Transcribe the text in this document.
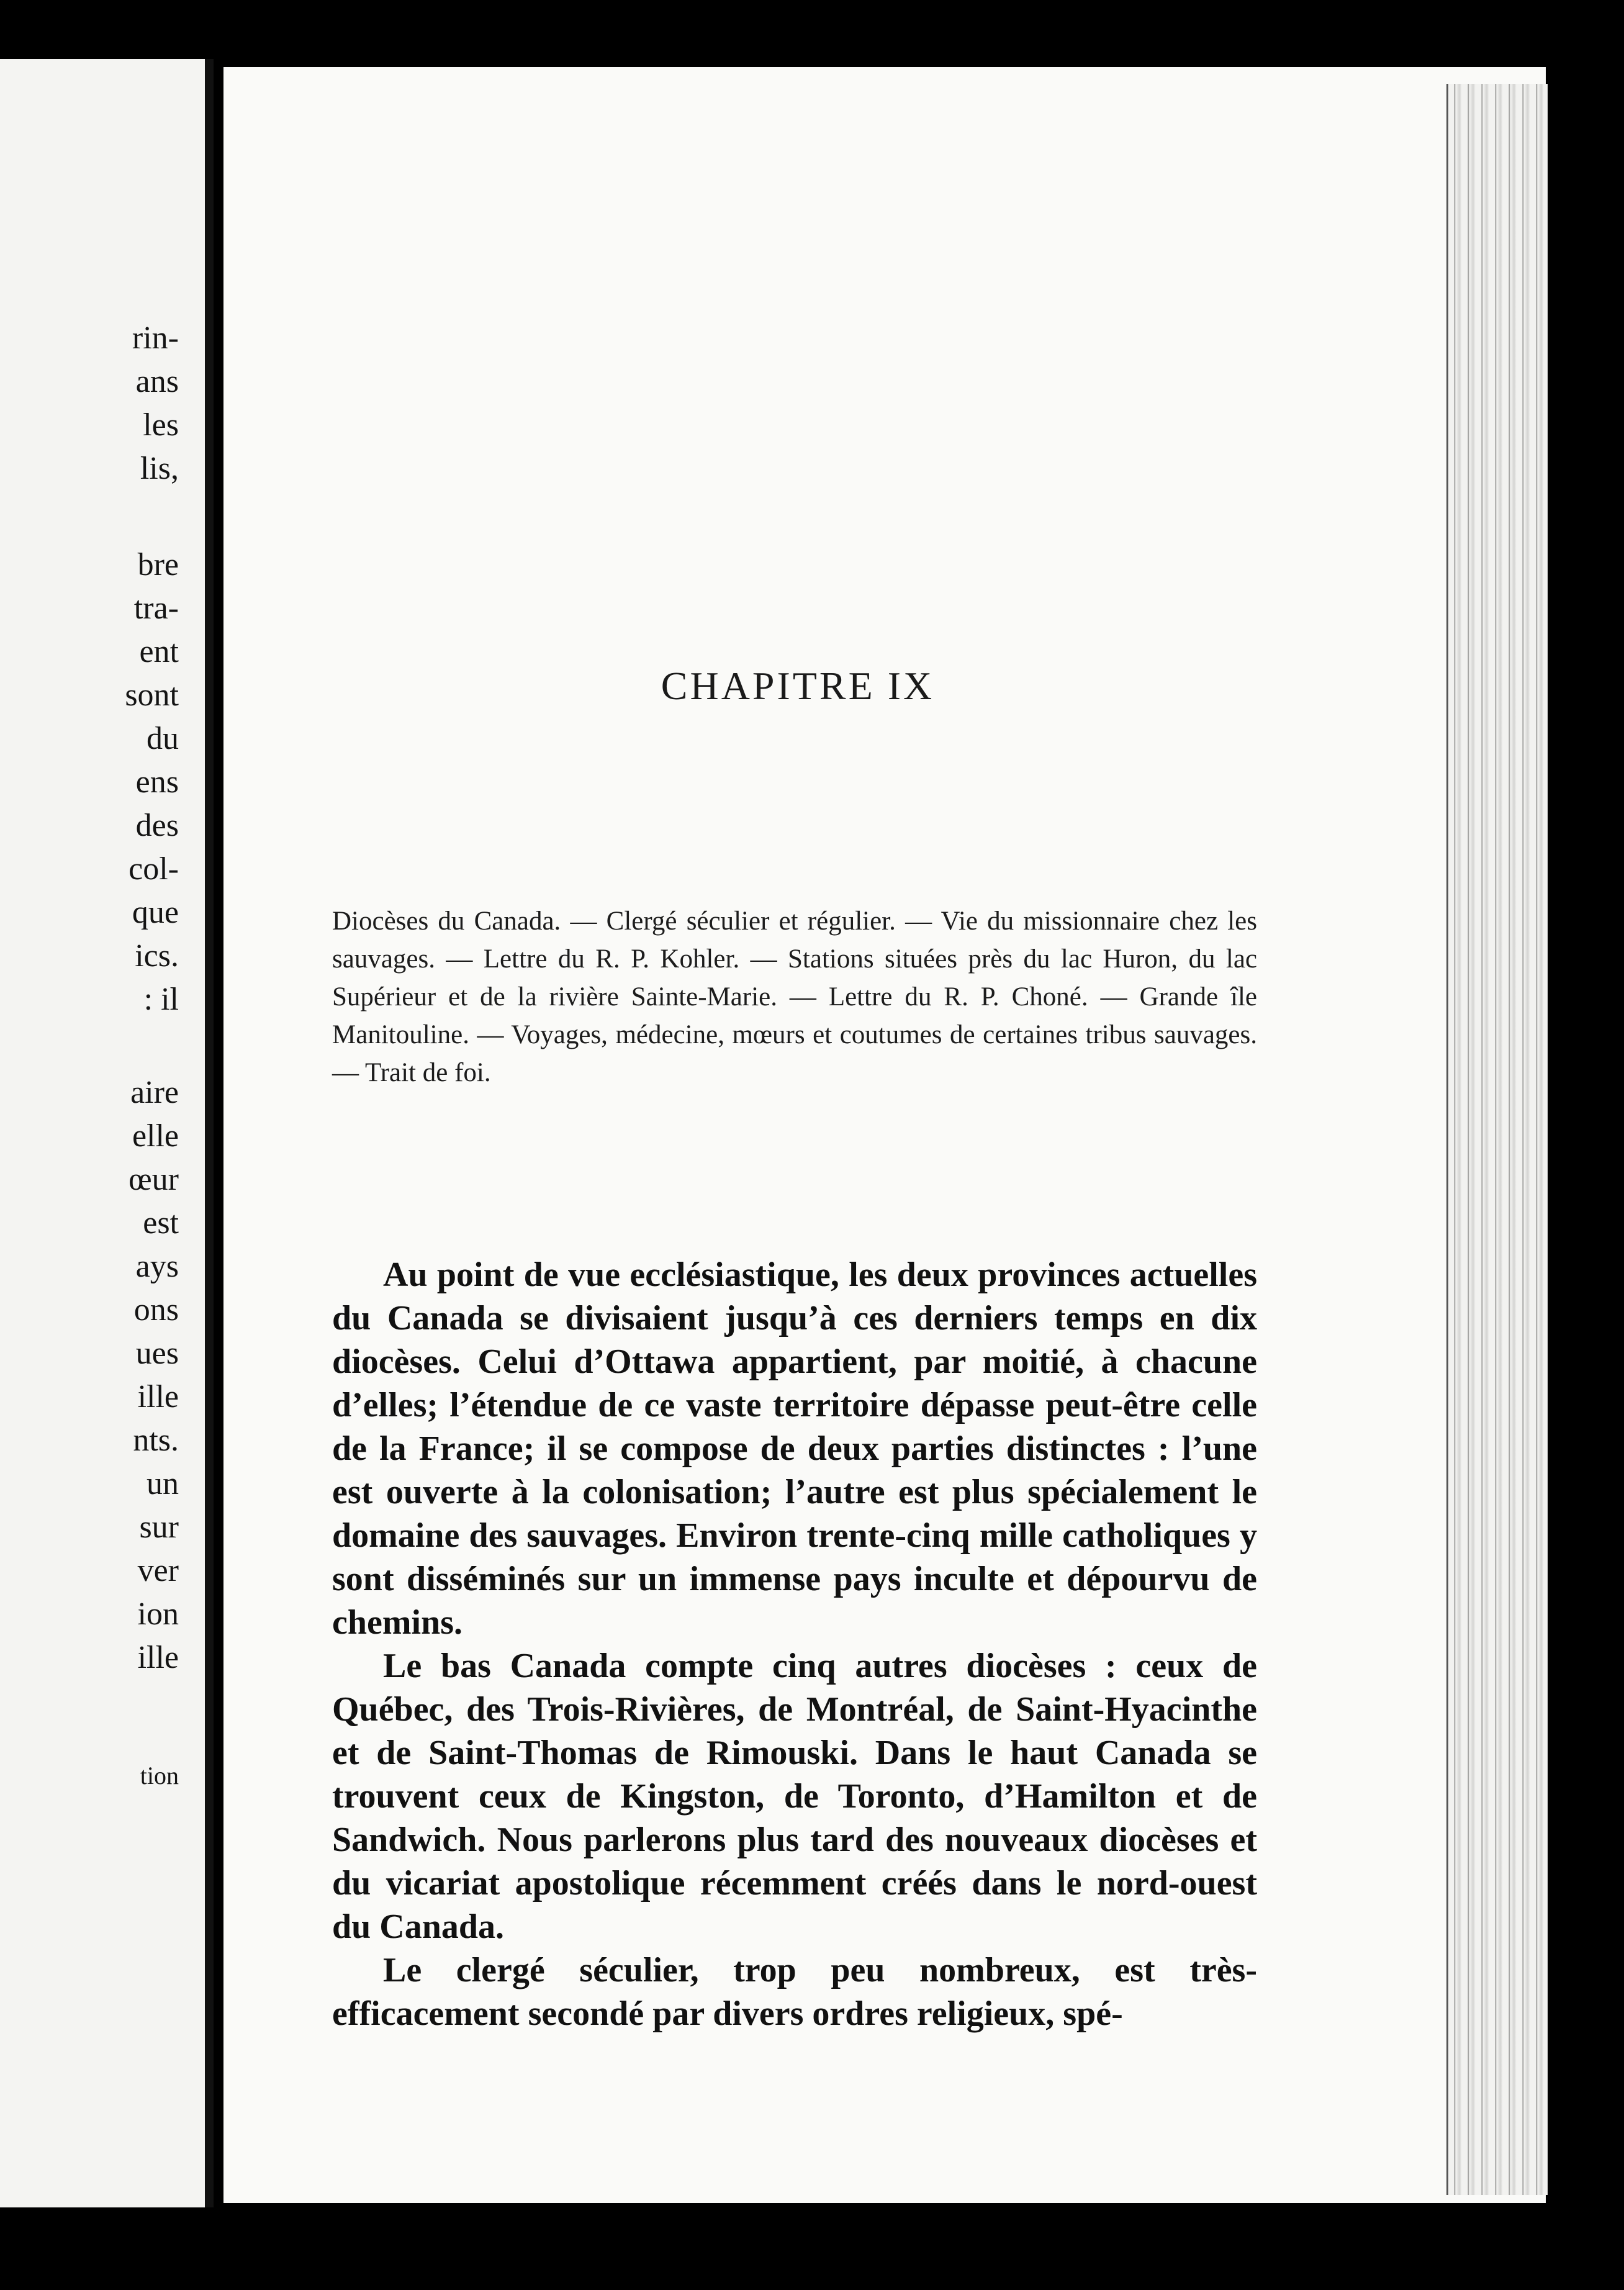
rin-
ans
les
lis,
bre
tra-
ent
sont
du
ens
des
col-
que
ics.
: il
aire
elle
œur
est
ays
ons
ues
ille
nts.
un
sur
ver
ion
ille
tion
CHAPITRE IX
Diocèses du Canada. — Clergé séculier et régulier. — Vie du missionnaire chez les sauvages. — Lettre du R. P. Kohler. — Stations situées près du lac Huron, du lac Supérieur et de la rivière Sainte-Marie. — Lettre du R. P. Choné. — Grande île Manitouline. — Voyages, médecine, mœurs et coutumes de certaines tribus sauvages. — Trait de foi.

Au point de vue ecclésiastique, les deux provinces actuelles du Canada se divisaient jusqu’à ces derniers temps en dix diocèses. Celui d’Ottawa appartient, par moitié, à chacune d’elles; l’étendue de ce vaste territoire dépasse peut-être celle de la France; il se compose de deux parties distinctes : l’une est ouverte à la colonisation; l’autre est plus spécialement le domaine des sauvages. Environ trente-cinq mille catholiques y sont disséminés sur un immense pays inculte et dépourvu de chemins.

Le bas Canada compte cinq autres diocèses : ceux de Québec, des Trois-Rivières, de Montréal, de Saint-Hyacinthe et de Saint-Thomas de Rimouski. Dans le haut Canada se trouvent ceux de Kingston, de Toronto, d’Hamilton et de Sandwich. Nous parlerons plus tard des nouveaux diocèses et du vicariat apostolique récemment créés dans le nord-ouest du Canada.

Le clergé séculier, trop peu nombreux, est très-efficacement secondé par divers ordres religieux, spé-
